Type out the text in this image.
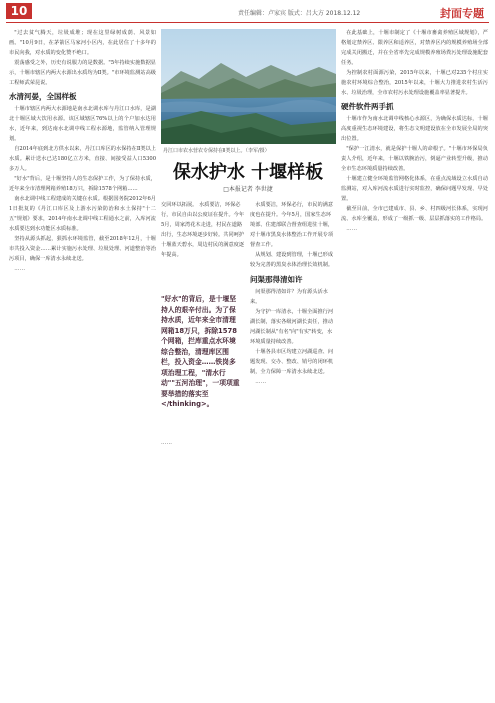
10	责任编辑：卢家宾 版式：吕大方 2018.12.12	封面专题

"过去贫气腾天，垃圾成堆；现在这里绿树成荫、风景如画。"10月9日，在茅箭区马家河小区内，在此居住了十多年的市民向我，对水质的变化赞不绝口。

震荡感受之外，历史有说服力的是数据。"5年持续实施数据显示，十堰市辖区内两大水源出水质均为Ⅱ类。"市环境监测站高级工程师武荣昆说。

水清河晏，全国样板

十堰市辖区内两大水源地是南水北调水库与丹江口水库，是湖北十堰区域大饮用水源。该区域辖区76%以上的个户加水达用水，近年来，到达南水北调中线工程水源地，监管纳入管理规划。

自2014年底到北方供水以来，丹江口库区的水保持在Ⅱ类以上水质。累计送水已达180亿立方米，直接、间接受益人口5300多万人。

"好水"背后，是十堰坚持人的生态保护工作，为了保持水质，近年来全市清理网箱养殖18万只，拆除1578个网箱……

南水北调中线工程建成的关键在水质。根据国务院2012年6月1日批复的《丹江口库区及上游水污染防治和水土保持"十二五"规划》要求，2014年南水北调中线工程通水之前，入库河流水质要达到水功能区水质标准。

坚持从源头抓起，狠抓水环境监管，截至2018年12月，十堰市共投入资金……累计实施污水处理、垃圾处理、河道整治等治污项目，确保一库清水永续北送。

……

丹江口市农水营农专保持在Ⅱ类以上。（李军/摄）
保水护水 十堰样板
□本报记者 李世捷

交回环以拓展。 水质要洁，环保必行，市民自由以公度证在提升。今年5月，周家湾花木走进，村民在道路出行，生态环境逐步好转。共同呵护十堰蓝天碧水，周边村民的满意度逐年提高。

"好水"的背后，是十堰坚持人的艰辛付出。为了保持水质，近年来全市清理网箱18万只，拆除1578个网箱，拦库重点水环境综合整治，清理库区围栏，投入资金……铁岗多项治理工程，"清水行动""五河治理"，一项项重要举措的落实至</thinking>。

……

水质要洁，环保必行，市民的满意度也在提升。今年5月，国家生态环境部、住建部联合督查组进驻十堰，对十堰市黑臭水体整治工作开展专项督查工作。

从规划、建设到管理，十堰已形成较为完善的黑臭水体治理长效机制。

问渠那得清如许

问渠那得清如许？为有源头活水来。

为守护一库清水，十堰全面推行河湖长制，落实各级河湖长责任，推动河湖长制从"有名"向"有实"转变，水环境质量持续改善。

十堰各县市区均建立河湖巡查、问题发现、交办、整改、销号的闭环机制，全力保障一库清水永续北送。

……

在此基础上，十堰市制定了《十堰市畜禽养殖区域规划》，严格划定禁养区、限养区和适养区，对禁养区内的规模养殖场全部完成关闭搬迁，并在全省率先完成规模养殖场粪污处理设施配套任务。

为控制农村面源污染，2015年以来，十堰已对235个村庄实施农村环境综合整治，2015年以来，十堰大力推进农村生活污水、垃圾治理，全市农村污水处理设施覆盖率显著提升。

硬件软件两手抓

十堰市作为南水北调中线核心水源区，为确保水质达标，十堰高度重视生态环境建设，将生态文明建设放在全市发展全局的突出位置。

"保护一江清水，就是保护十堰人的命根子。"十堰市环保局负责人介绍，近年来，十堰以铁腕治污，倒逼产业转型升级，推动全市生态环境质量持续改善。

十堰建立健全环境监管网格化体系，在重点流域设立水质自动监测站，对入库河流水质进行实时监控，确保问题早发现、早处置。

截至目前，全市已建成市、县、乡、村四级河长体系，实现河流、水库全覆盖，形成了一级抓一级、层层抓落实的工作格局。

……
